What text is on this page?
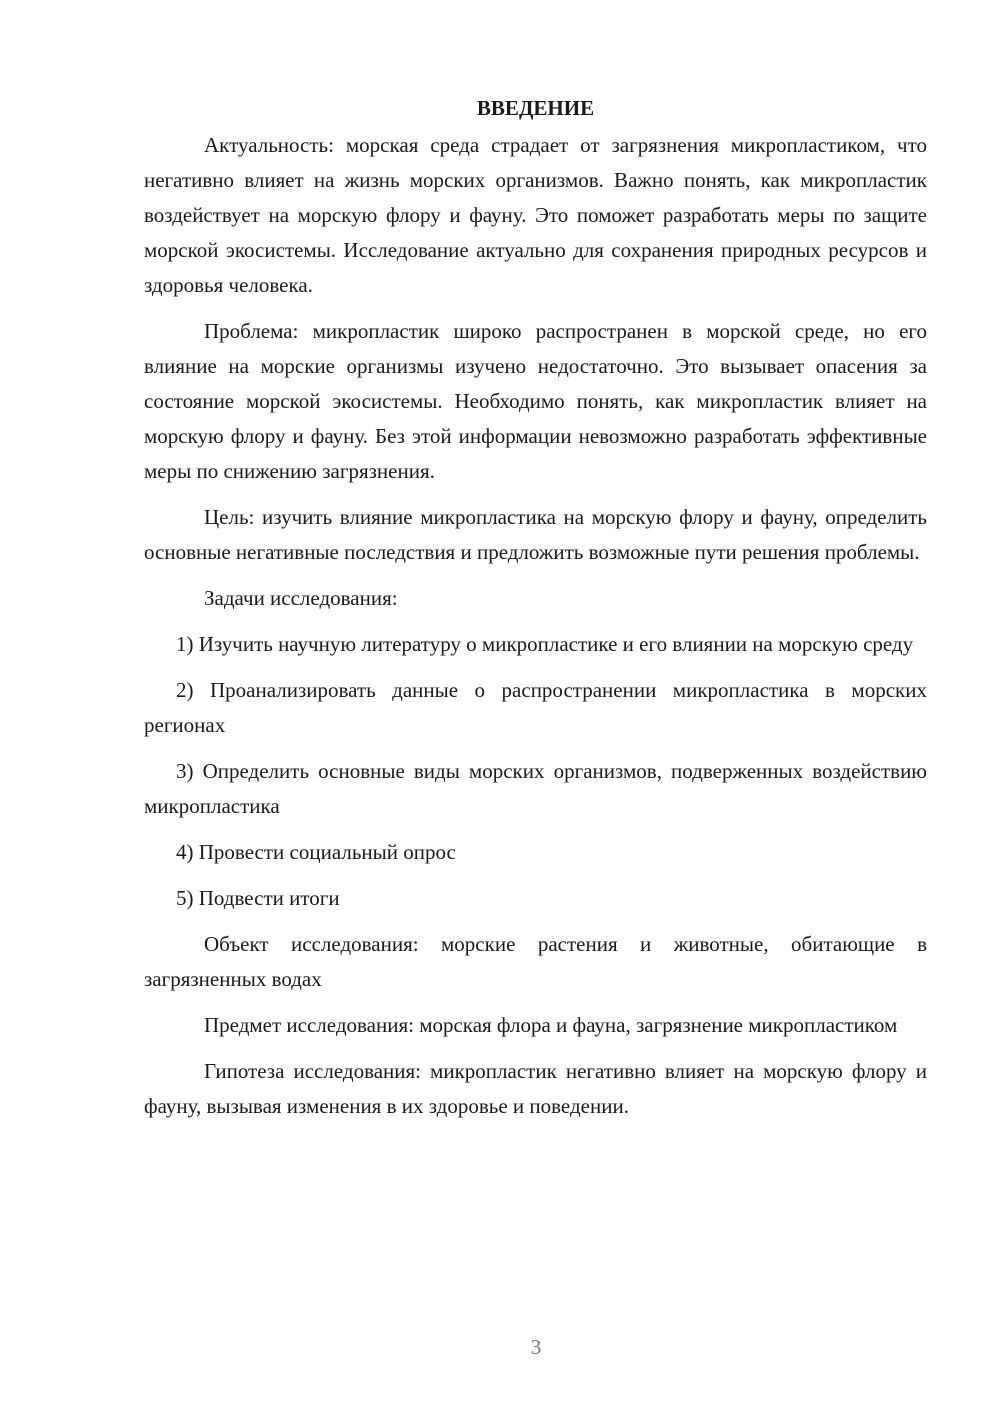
ВВЕДЕНИЕ

Актуальность: морская среда страдает от загрязнения микропластиком, что негативно влияет на жизнь морских организмов. Важно понять, как микропластик воздействует на морскую флору и фауну. Это поможет разработать меры по защите морской экосистемы. Исследование актуально для сохранения природных ресурсов и здоровья человека.

Проблема: микропластик широко распространен в морской среде, но его влияние на морские организмы изучено недостаточно. Это вызывает опасения за состояние морской экосистемы. Необходимо понять, как микропластик влияет на морскую флору и фауну. Без этой информации невозможно разработать эффективные меры по снижению загрязнения.

Цель: изучить влияние микропластика на морскую флору и фауну, определить основные негативные последствия и предложить возможные пути решения проблемы.

Задачи исследования:

1) Изучить научную литературу о микропластике и его влиянии на морскую среду

2) Проанализировать данные о распространении микропластика в морских регионах

3) Определить основные виды морских организмов, подверженных воздействию микропластика

4) Провести социальный опрос

5) Подвести итоги

Объект исследования: морские растения и животные, обитающие в загрязненных водах

Предмет исследования: морская флора и фауна, загрязнение микропластиком

Гипотеза исследования: микропластик негативно влияет на морскую флору и фауну, вызывая изменения в их здоровье и поведении.

3
